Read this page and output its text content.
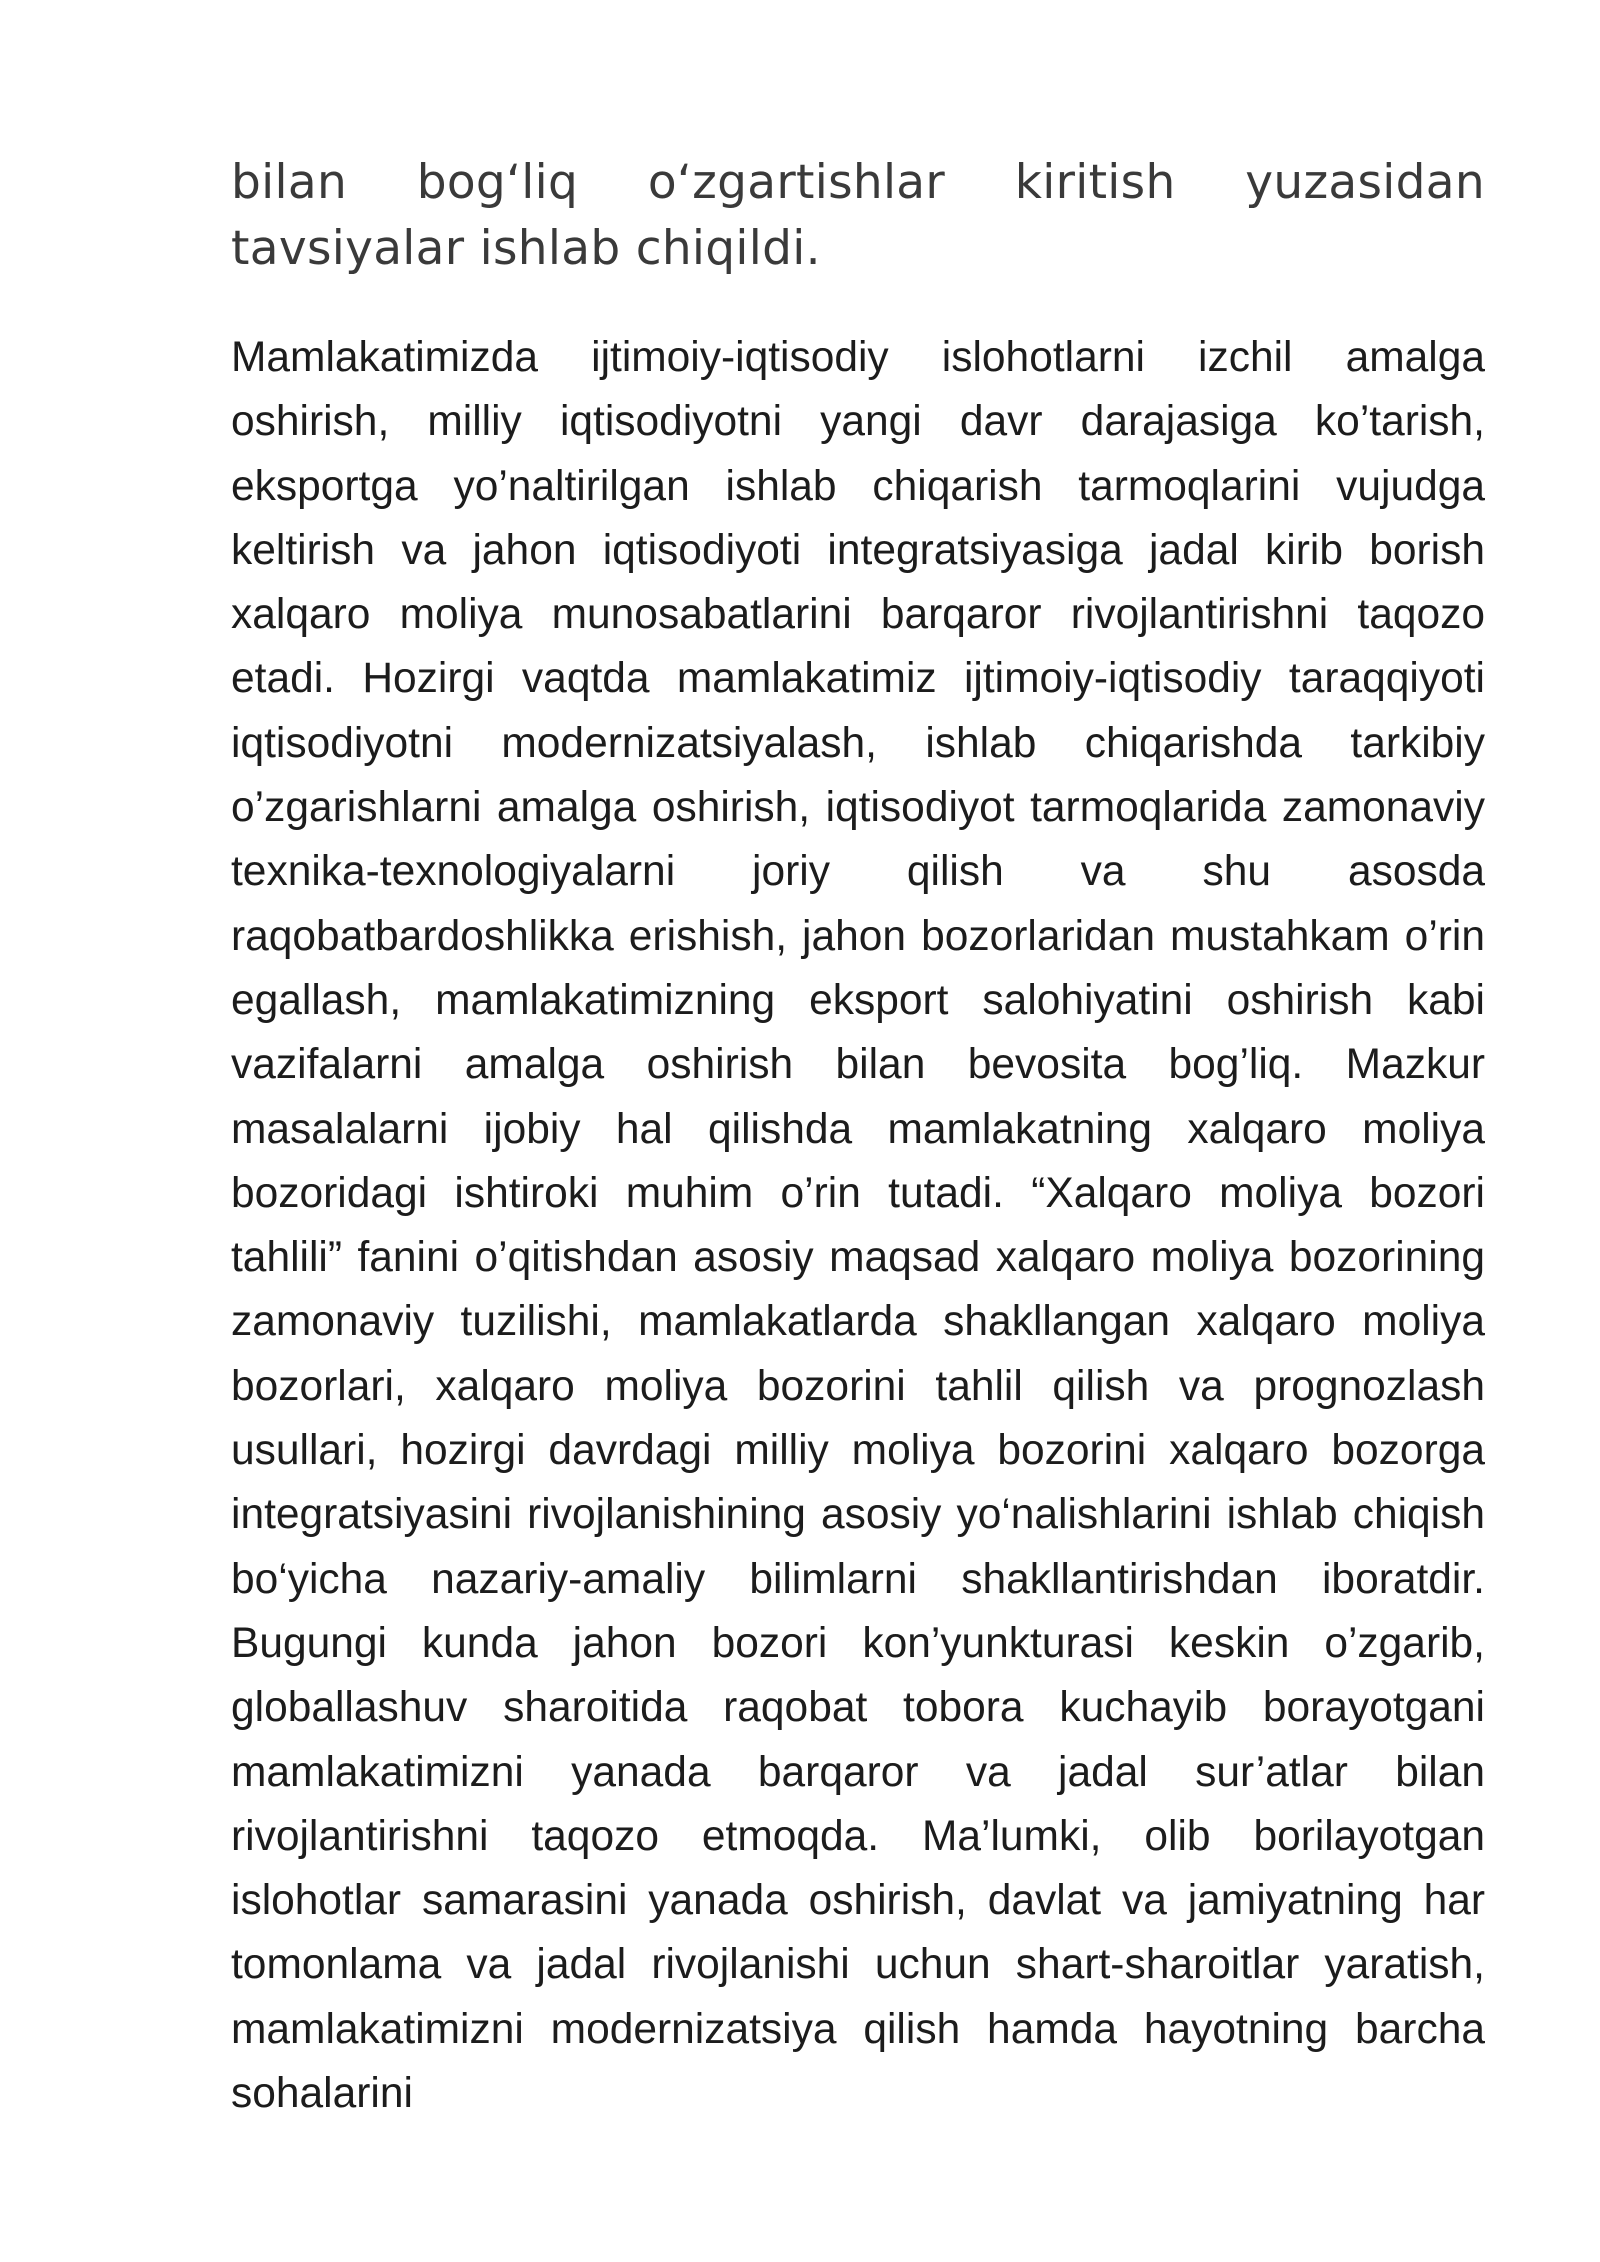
bilan bog‘liq o‘zgartishlar kiritish yuzasidan tavsiyalar ishlab chiqildi.

Mamlakatimizda ijtimoiy-iqtisodiy islohotlarni izchil amalga oshirish, milliy iqtisodiyotni yangi davr darajasiga ko’tarish, eksportga yo’naltirilgan ishlab chiqarish tarmoqlarini vujudga keltirish va jahon iqtisodiyoti integratsiyasiga jadal kirib borish xalqaro moliya munosabatlarini barqaror rivojlantirishni taqozo etadi. Hozirgi vaqtda mamlakatimiz ijtimoiy-iqtisodiy taraqqiyoti iqtisodiyotni modernizatsiyalash, ishlab chiqarishda tarkibiy o’zgarishlarni amalga oshirish, iqtisodiyot tarmoqlarida zamonaviy texnika-texnologiyalarni joriy qilish va shu asosda raqobatbardoshlikka erishish, jahon bozorlaridan mustahkam o’rin egallash, mamlakatimizning eksport salohiyatini oshirish kabi vazifalarni amalga oshirish bilan bevosita bog’liq. Mazkur masalalarni ijobiy hal qilishda mamlakatning xalqaro moliya bozoridagi ishtiroki muhim o’rin tutadi. “Xalqaro moliya bozori tahlili” fanini o’qitishdan asosiy maqsad xalqaro moliya bozorining zamonaviy tuzilishi, mamlakatlarda shakllangan xalqaro moliya bozorlari, xalqaro moliya bozorini tahlil qilish va prognozlash usullari, hozirgi davrdagi milliy moliya bozorini xalqaro bozorga integratsiyasini rivojlanishining asosiy yo‘nalishlarini ishlab chiqish bo‘yicha nazariy-amaliy bilimlarni shakllantirishdan iboratdir. Bugungi kunda jahon bozori kon’yunkturasi keskin o’zgarib, globallashuv sharoitida raqobat tobora kuchayib borayotgani mamlakatimizni yanada barqaror va jadal sur’atlar bilan rivojlantirishni taqozo etmoqda. Ma’lumki, olib borilayotgan islohotlar samarasini yanada oshirish, davlat va jamiyatning har tomonlama va jadal rivojlanishi uchun shart-sharoitlar yaratish, mamlakatimizni modernizatsiya qilish hamda hayotning barcha sohalarini
